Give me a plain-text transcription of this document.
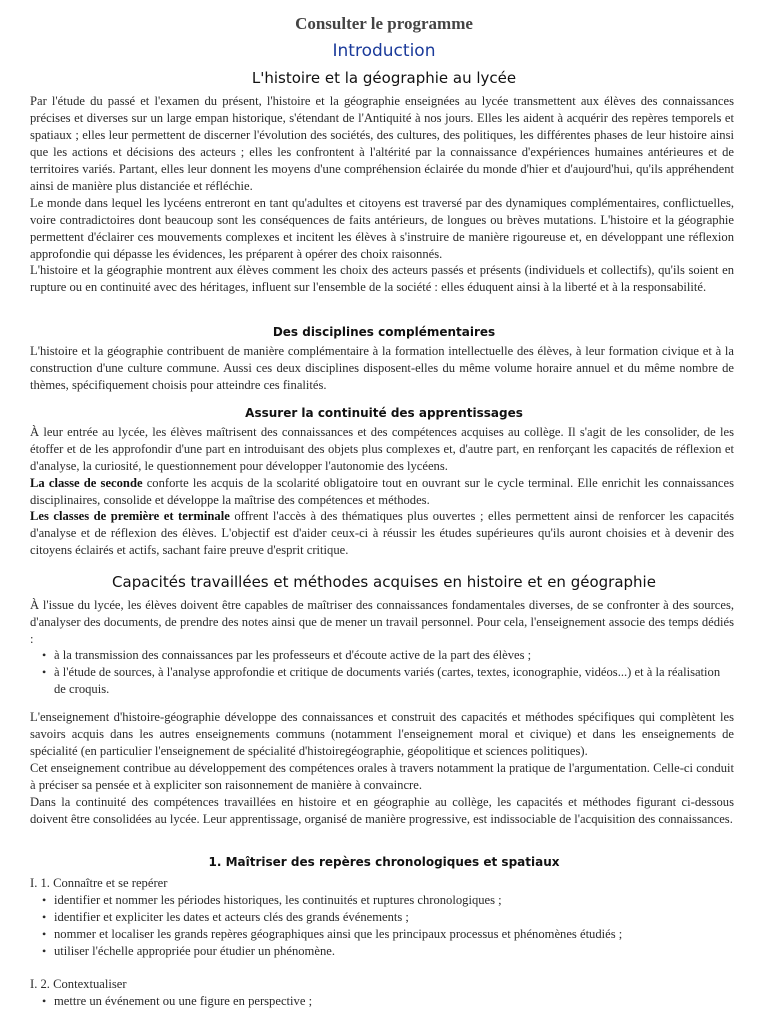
Consulter le programme
Introduction
L'histoire et la géographie au lycée

Par l'étude du passé et l'examen du présent, l'histoire et la géographie enseignées au lycée transmettent aux élèves des connaissances précises et diverses sur un large empan historique, s'étendant de l'Antiquité à nos jours. Elles les aident à acquérir des repères temporels et spatiaux ; elles leur permettent de discerner l'évolution des sociétés, des cultures, des politiques, les différentes phases de leur histoire ainsi que les actions et décisions des acteurs ; elles les confrontent à l'altérité par la connaissance d'expériences humaines antérieures et de territoires variés. Partant, elles leur donnent les moyens d'une compréhension éclairée du monde d'hier et d'aujourd'hui, qu'ils appréhendent ainsi de manière plus distanciée et réfléchie.

Le monde dans lequel les lycéens entreront en tant qu'adultes et citoyens est traversé par des dynamiques complémentaires, conflictuelles, voire contradictoires dont beaucoup sont les conséquences de faits antérieurs, de longues ou brèves mutations. L'histoire et la géographie permettent d'éclairer ces mouvements complexes et incitent les élèves à s'instruire de manière rigoureuse et, en développant une réflexion approfondie qui dépasse les évidences, les préparent à opérer des choix raisonnés.

L'histoire et la géographie montrent aux élèves comment les choix des acteurs passés et présents (individuels et collectifs), qu'ils soient en rupture ou en continuité avec des héritages, influent sur l'ensemble de la société : elles éduquent ainsi à la liberté et à la responsabilité.

Des disciplines complémentaires

L'histoire et la géographie contribuent de manière complémentaire à la formation intellectuelle des élèves, à leur formation civique et à la construction d'une culture commune. Aussi ces deux disciplines disposent-elles du même volume horaire annuel et du même nombre de thèmes, spécifiquement choisis pour atteindre ces finalités.

Assurer la continuité des apprentissages

À leur entrée au lycée, les élèves maîtrisent des connaissances et des compétences acquises au collège. Il s'agit de les consolider, de les étoffer et de les approfondir d'une part en introduisant des objets plus complexes et, d'autre part, en renforçant les capacités de réflexion et d'analyse, la curiosité, le questionnement pour développer l'autonomie des lycéens.

La classe de seconde conforte les acquis de la scolarité obligatoire tout en ouvrant sur le cycle terminal. Elle enrichit les connaissances disciplinaires, consolide et développe la maîtrise des compétences et méthodes.

Les classes de première et terminale offrent l'accès à des thématiques plus ouvertes ; elles permettent ainsi de renforcer les capacités d'analyse et de réflexion des élèves. L'objectif est d'aider ceux-ci à réussir les études supérieures qu'ils auront choisies et à devenir des citoyens éclairés et actifs, sachant faire preuve d'esprit critique.

Capacités travaillées et méthodes acquises en histoire et en géographie

À l'issue du lycée, les élèves doivent être capables de maîtriser des connaissances fondamentales diverses, de se confronter à des sources, d'analyser des documents, de prendre des notes ainsi que de mener un travail personnel. Pour cela, l'enseignement associe des temps dédiés :

• à la transmission des connaissances par les professeurs et d'écoute active de la part des élèves ;
• à l'étude de sources, à l'analyse approfondie et critique de documents variés (cartes, textes, iconographie, vidéos...) et à la réalisation de croquis.

L'enseignement d'histoire-géographie développe des connaissances et construit des capacités et méthodes spécifiques qui complètent les savoirs acquis dans les autres enseignements communs (notamment l'enseignement moral et civique) et dans les enseignements de spécialité (en particulier l'enseignement de spécialité d'histoiregéographie, géopolitique et sciences politiques).

Cet enseignement contribue au développement des compétences orales à travers notamment la pratique de l'argumentation. Celle-ci conduit à préciser sa pensée et à expliciter son raisonnement de manière à convaincre.

Dans la continuité des compétences travaillées en histoire et en géographie au collège, les capacités et méthodes figurant ci-dessous doivent être consolidées au lycée. Leur apprentissage, organisé de manière progressive, est indissociable de l'acquisition des connaissances.

1. Maîtriser des repères chronologiques et spatiaux
I. 1. Connaître et se repérer
• identifier et nommer les périodes historiques, les continuités et ruptures chronologiques ;
• identifier et expliciter les dates et acteurs clés des grands événements ;
• nommer et localiser les grands repères géographiques ainsi que les principaux processus et phénomènes étudiés ;
• utiliser l'échelle appropriée pour étudier un phénomène.
I. 2. Contextualiser
• mettre un événement ou une figure en perspective ;
